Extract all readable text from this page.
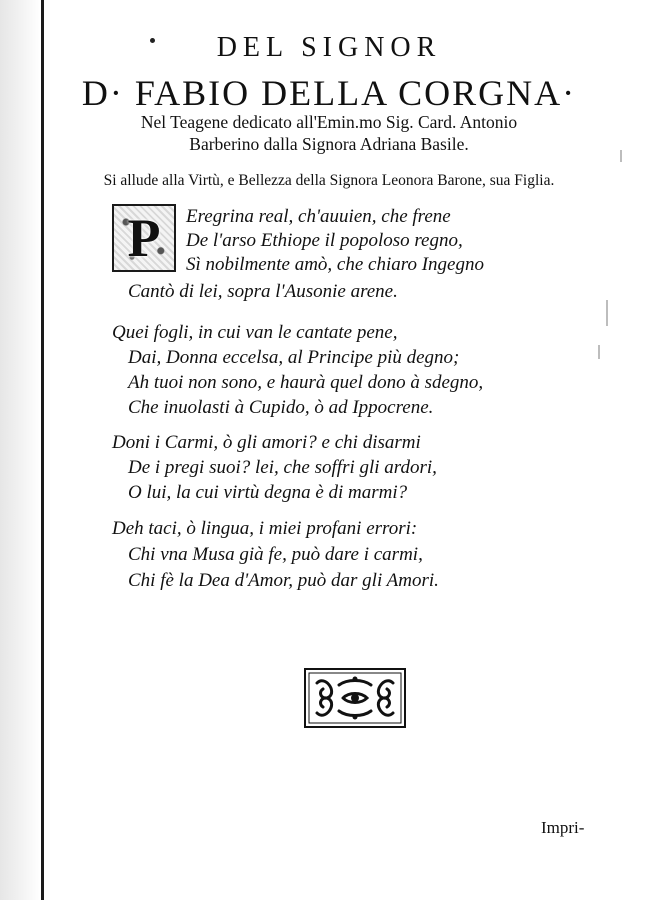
DEL SIGNOR
D· FABIO DELLA CORGNA·
Nel Teagene dedicato all'Emin.mo Sig. Card. Antonio
Barberino dalla Signora Adriana Basile.
Si allude alla Virtù, e Bellezza della Signora Leonora Barone, sua Figlia.
P	Eregrina real, ch'auuien, che frene
De l'arso Ethiope il popoloso regno,
Sì nobilmente amò, che chiaro Ingegno
Cantò di lei, sopra l'Ausonie arene.
Quei fogli, in cui van le cantate pene,
Dai, Donna eccelsa, al Principe più degno;
Ah tuoi non sono, e haurà quel dono à sdegno,
Che inuolasti à Cupido, ò ad Ippocrene.
Doni i Carmi, ò gli amori? e chi disarmi
De i pregi suoi? lei, che soffri gli ardori,
O lui, la cui virtù degna è di marmi?
Deh taci, ò lingua, i miei profani errori:
Chi vna Musa già fe, può dare i carmi,
Chi fè la Dea d'Amor, può dar gli Amori.
Impri-
